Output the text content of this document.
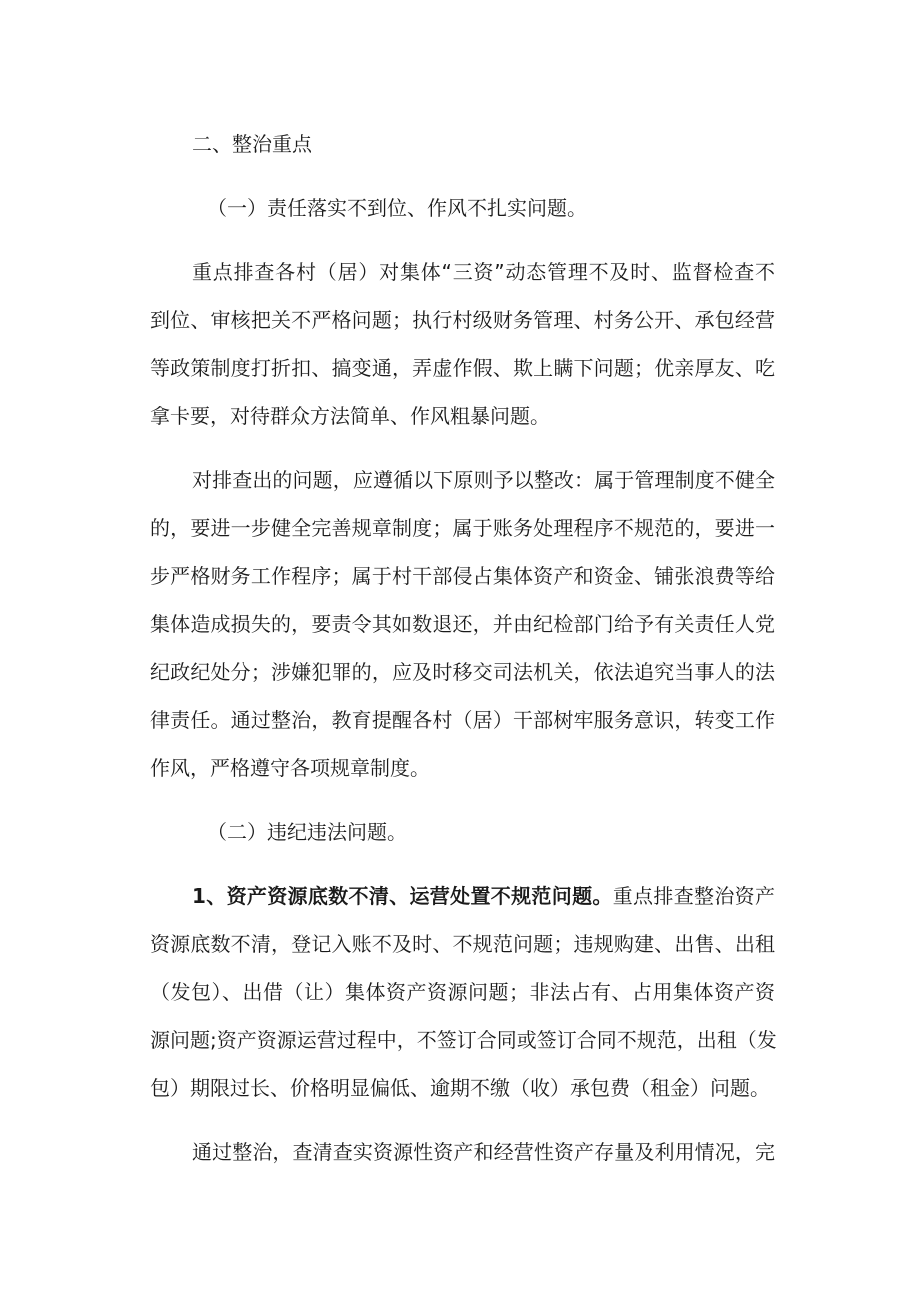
二、整治重点
（一）责任落实不到位、作风不扎实问题。
重点排查各村（居）对集体“三资”动态管理不及时、监督检查不
到位、审核把关不严格问题；执行村级财务管理、村务公开、承包经营
等政策制度打折扣、搞变通，弄虚作假、欺上瞒下问题；优亲厚友、吃
拿卡要，对待群众方法简单、作风粗暴问题。
对排查出的问题，应遵循以下原则予以整改：属于管理制度不健全
的，要进一步健全完善规章制度；属于账务处理程序不规范的，要进一
步严格财务工作程序；属于村干部侵占集体资产和资金、铺张浪费等给
集体造成损失的，要责令其如数退还，并由纪检部门给予有关责任人党
纪政纪处分；涉嫌犯罪的，应及时移交司法机关，依法追究当事人的法
律责任。通过整治，教育提醒各村（居）干部树牢服务意识，转变工作
作风，严格遵守各项规章制度。
（二）违纪违法问题。
1、资产资源底数不清、运营处置不规范问题。重点排查整治资产
资源底数不清，登记入账不及时、不规范问题；违规购建、出售、出租
（发包）、出借（让）集体资产资源问题；非法占有、占用集体资产资
源问题;资产资源运营过程中，不签订合同或签订合同不规范，出租（发
包）期限过长、价格明显偏低、逾期不缴（收）承包费（租金）问题。
通过整治，查清查实资源性资产和经营性资产存量及利用情况，完
